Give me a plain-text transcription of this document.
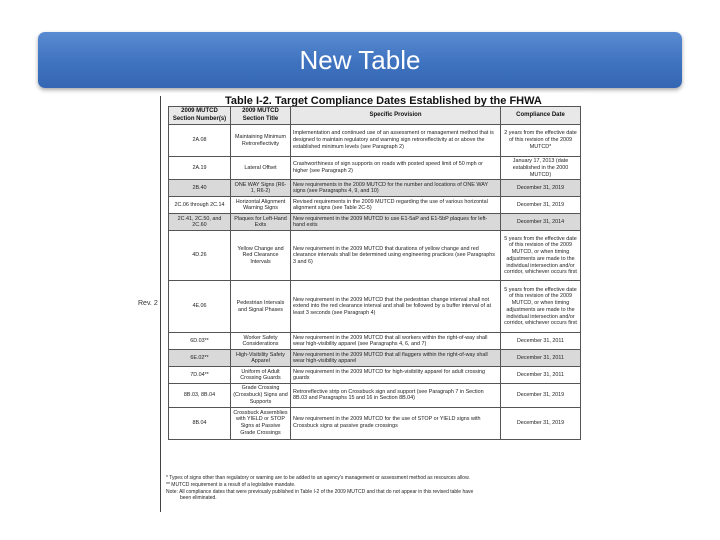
New Table
Table I-2. Target Compliance Dates Established by the FHWA
Rev. 2
2009 MUTCD Section Number(s)	2009 MUTCD Section Title	Specific Provision	Compliance Date
2A.08	Maintaining Minimum Retroreflectivity	Implementation and continued use of an assessment or management method that is designed to maintain regulatory and warning sign retroreflectivity at or above the established minimum levels (see Paragraph 2)	2 years from the effective date of this revision of the 2009 MUTCD*
2A.19	Lateral Offset	Crashworthiness of sign supports on roads with posted speed limit of 50 mph or higher (see Paragraph 2)	January 17, 2013 (date established in the 2000 MUTCD)
2B.40	ONE WAY Signs (R6-1, R6-2)	New requirements in the 2009 MUTCD for the number and locations of ONE WAY signs (see Paragraphs 4, 9, and 10)	December 31, 2019
2C.06 through 2C.14	Horizontal Alignment Warning Signs	Revised requirements in the 2009 MUTCD regarding the use of various horizontal alignment signs (see Table 2C-5)	December 31, 2019
2C.41, 2C.50, and 2C.60	Plaques for Left-Hand Exits	New requirement in the 2009 MUTCD to use E1-5aP and E1-5bP plaques for left-hand exits	December 31, 2014
4D.26	Yellow Change and Red Clearance Intervals	New requirement in the 2009 MUTCD that durations of yellow change and red clearance intervals shall be determined using engineering practices (see Paragraphs 3 and 6)	5 years from the effective date of this revision of the 2009 MUTCD, or when timing adjustments are made to the individual intersection and/or corridor, whichever occurs first
4E.06	Pedestrian Intervals and Signal Phases	New requirement in the 2009 MUTCD that the pedestrian change interval shall not extend into the red clearance interval and shall be followed by a buffer interval of at least 3 seconds (see Paragraph 4)	5 years from the effective date of this revision of the 2009 MUTCD, or when timing adjustments are made to the individual intersection and/or corridor, whichever occurs first
6D.03**	Worker Safety Considerations	New requirement in the 2009 MUTCD that all workers within the right-of-way shall wear high-visibility apparel (see Paragraphs 4, 6, and 7)	December 31, 2011
6E.02**	High-Visibility Safety Apparel	New requirement in the 2009 MUTCD that all flaggers within the right-of-way shall wear high-visibility apparel	December 31, 2011
7D.04**	Uniform of Adult Crossing Guards	New requirement in the 2009 MUTCD for high-visibility apparel for adult crossing guards	December 31, 2011
8B.03, 8B.04	Grade Crossing (Crossbuck) Signs and Supports	Retroreflective strip on Crossbuck sign and support (see Paragraph 7 in Section 8B.03 and Paragraphs 15 and 16 in Section 8B.04)	December 31, 2019
8B.04	Crossbuck Assemblies with YIELD or STOP Signs at Passive Grade Crossings	New requirement in the 2009 MUTCD for the use of STOP or YIELD signs with Crossbuck signs at passive grade crossings	December 31, 2019
* Types of signs other than regulatory or warning are to be added to an agency's management or assessment method as resources allow.
** MUTCD requirement is a result of a legislative mandate.
Note: All compliance dates that were previously published in Table I-2 of the 2009 MUTCD and that do not appear in this revised table have
been eliminated.
